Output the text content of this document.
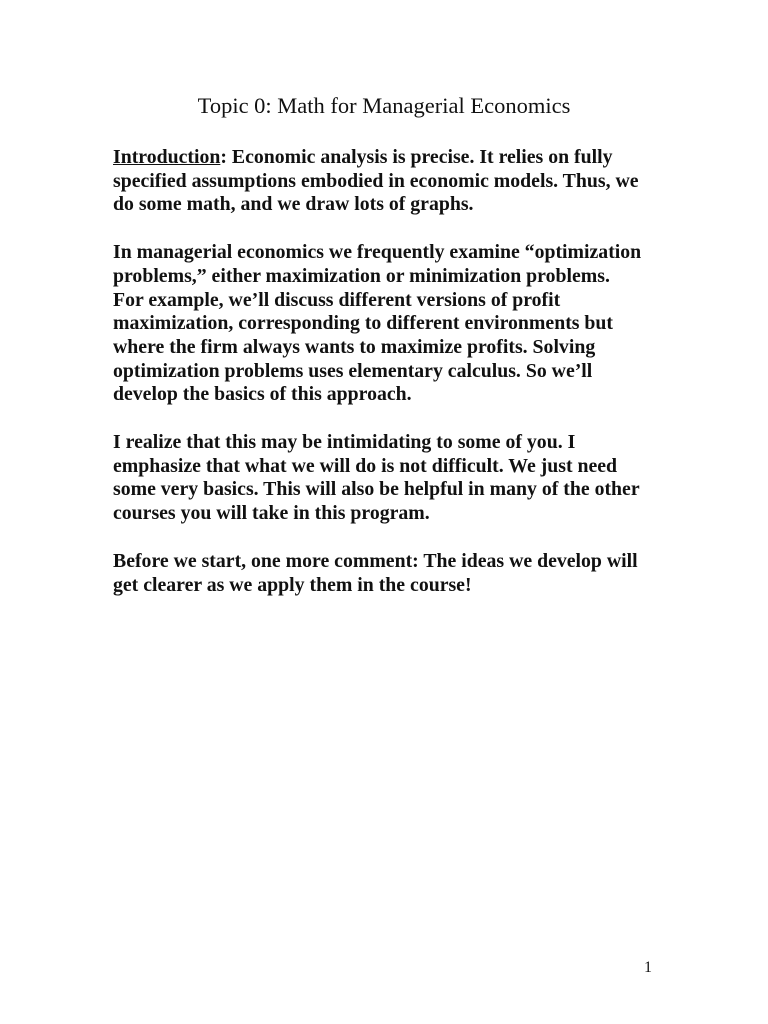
Topic 0: Math for Managerial Economics

Introduction: Economic analysis is precise. It relies on fully
specified assumptions embodied in economic models. Thus, we
do some math, and we draw lots of graphs.

In managerial economics we frequently examine “optimization
problems,” either maximization or minimization problems.
For example, we’ll discuss different versions of profit
maximization, corresponding to different environments but
where the firm always wants to maximize profits. Solving
optimization problems uses elementary calculus. So we’ll
develop the basics of this approach.

I realize that this may be intimidating to some of you. I
emphasize that what we will do is not difficult. We just need
some very basics. This will also be helpful in many of the other
courses you will take in this program.

Before we start, one more comment: The ideas we develop will
get clearer as we apply them in the course!

1
